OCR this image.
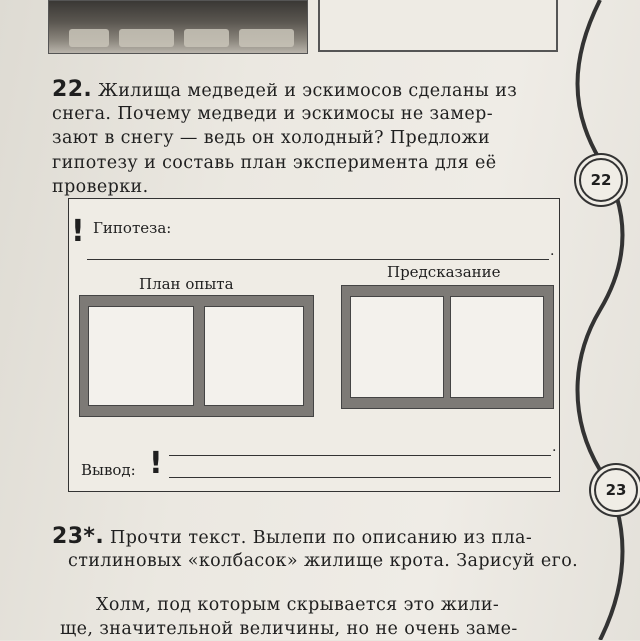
22. Жилища медведей и эскимосов сделаны из
снега. Почему медведи и эскимосы не замер-
зают в снегу — ведь он холодный? Предложи
гипотезу и составь план эксперимента для её
проверки.
! Гипотеза:
.
План опыта
Предсказание
Вывод: !	.
23*. Прочти текст. Вылепи по описанию из пла-
стилиновых «колбасок» жилище крота. Зарисуй его.
Холм, под которым скрывается это жили-
ще, значительной величины, но не очень заме-
22
23
